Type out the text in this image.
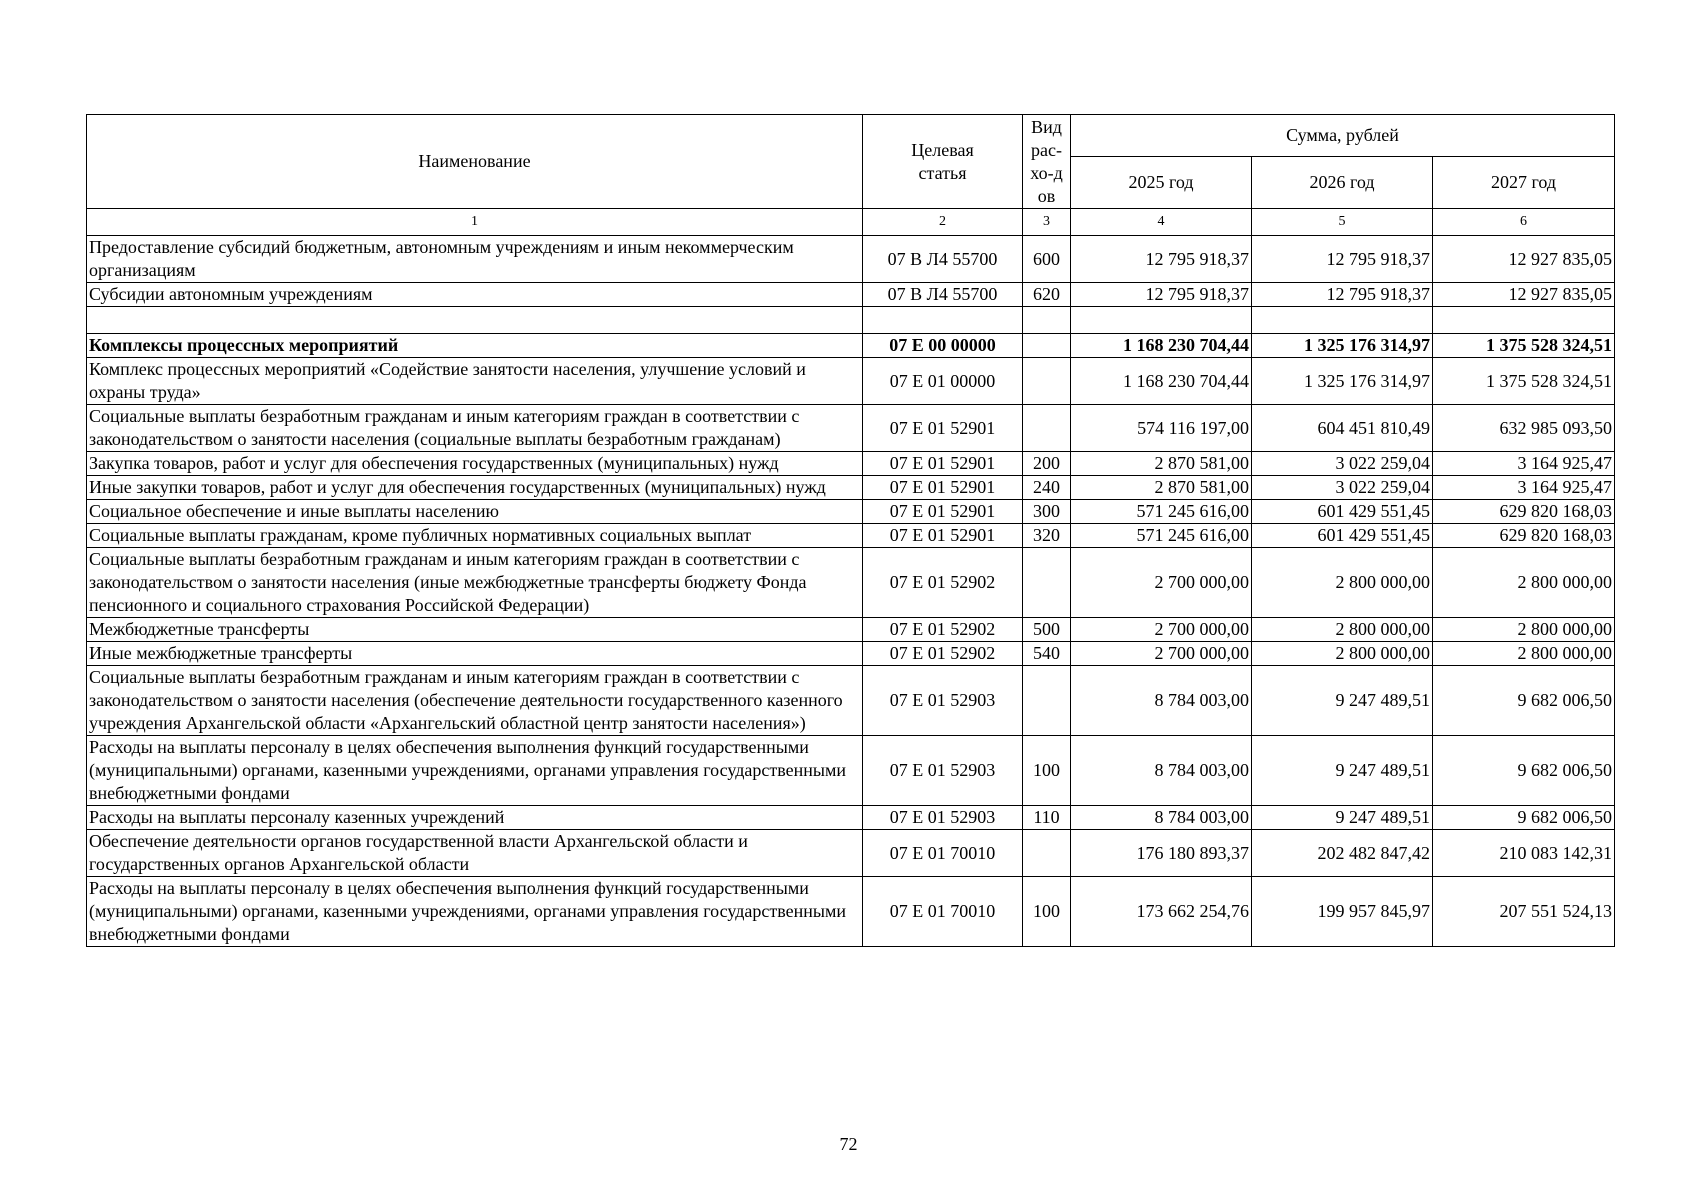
Наименование	Целевая статья	Вид рас-хо-дов	Сумма, рублей		
			2025 год	2026 год	2027 год
1	2	3	4	5	6
Предоставление субсидий бюджетным, автономным учреждениям и иным некоммерческим организациям	07 В Л4 55700	600	12 795 918,37	12 795 918,37	12 927 835,05
Субсидии автономным учреждениям	07 В Л4 55700	620	12 795 918,37	12 795 918,37	12 927 835,05

Комплексы процессных мероприятий	07 Е 00 00000		1 168 230 704,44	1 325 176 314,97	1 375 528 324,51
Комплекс процессных мероприятий «Содействие занятости населения, улучшение условий и охраны труда»	07 Е 01 00000		1 168 230 704,44	1 325 176 314,97	1 375 528 324,51
Социальные выплаты безработным гражданам и иным категориям граждан в соответствии с законодательством о занятости населения (социальные выплаты безработным гражданам)	07 Е 01 52901		574 116 197,00	604 451 810,49	632 985 093,50
Закупка товаров, работ и услуг для обеспечения государственных (муниципальных) нужд	07 Е 01 52901	200	2 870 581,00	3 022 259,04	3 164 925,47
Иные закупки товаров, работ и услуг для обеспечения государственных (муниципальных) нужд	07 Е 01 52901	240	2 870 581,00	3 022 259,04	3 164 925,47
Социальное обеспечение и иные выплаты населению	07 Е 01 52901	300	571 245 616,00	601 429 551,45	629 820 168,03
Социальные выплаты гражданам, кроме публичных нормативных социальных выплат	07 Е 01 52901	320	571 245 616,00	601 429 551,45	629 820 168,03
Социальные выплаты безработным гражданам и иным категориям граждан в соответствии с законодательством о занятости населения (иные межбюджетные трансферты бюджету Фонда пенсионного и социального страхования Российской Федерации)	07 Е 01 52902		2 700 000,00	2 800 000,00	2 800 000,00
Межбюджетные трансферты	07 Е 01 52902	500	2 700 000,00	2 800 000,00	2 800 000,00
Иные межбюджетные трансферты	07 Е 01 52902	540	2 700 000,00	2 800 000,00	2 800 000,00
Социальные выплаты безработным гражданам и иным категориям граждан в соответствии с законодательством о занятости населения (обеспечение деятельности государственного казенного учреждения Архангельской области «Архангельский областной центр занятости населения»)	07 Е 01 52903		8 784 003,00	9 247 489,51	9 682 006,50
Расходы на выплаты персоналу в целях обеспечения выполнения функций государственными (муниципальными) органами, казенными учреждениями, органами управления государственными внебюджетными фондами	07 Е 01 52903	100	8 784 003,00	9 247 489,51	9 682 006,50
Расходы на выплаты персоналу казенных учреждений	07 Е 01 52903	110	8 784 003,00	9 247 489,51	9 682 006,50
Обеспечение деятельности органов государственной власти Архангельской области и государственных органов Архангельской области	07 Е 01 70010		176 180 893,37	202 482 847,42	210 083 142,31
Расходы на выплаты персоналу в целях обеспечения выполнения функций государственными (муниципальными) органами, казенными учреждениями, органами управления государственными внебюджетными фондами	07 Е 01 70010	100	173 662 254,76	199 957 845,97	207 551 524,13
72
